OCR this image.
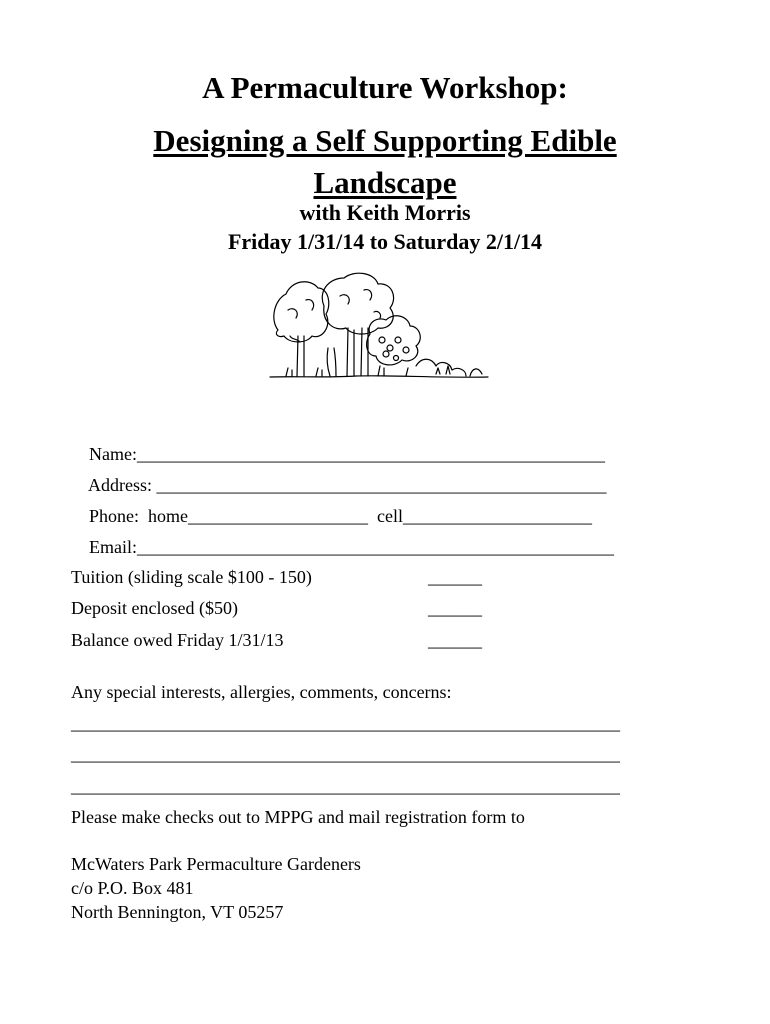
A Permaculture Workshop:
Designing a Self Supporting Edible
Landscape
with Keith Morris
Friday 1/31/14 to Saturday 2/1/14

Name:____________________________________________________

Address: __________________________________________________

Phone:  home____________________  cell_____________________

Email:_____________________________________________________

Tuition (sliding scale $100 - 150)	______
Deposit enclosed ($50)	______
Balance owed Friday 1/31/13	______
Any special interests, allergies, comments, concerns:
_____________________________________________________________
_____________________________________________________________
_____________________________________________________________
Please make checks out to MPPG and mail registration form to
McWaters Park Permaculture Gardeners
c/o P.O. Box 481
North Bennington, VT 05257
